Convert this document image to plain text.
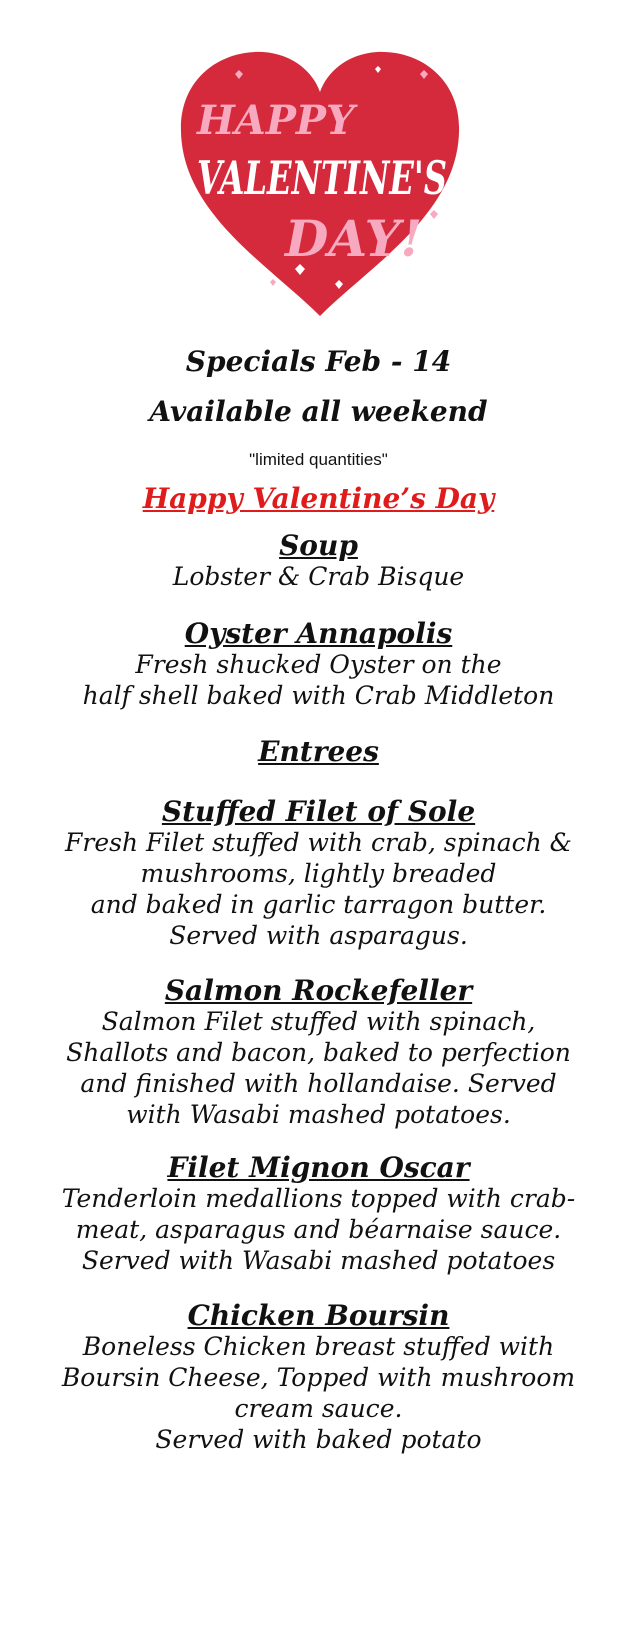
HAPPY
VALENTINE'S
DAY!
Specials Feb - 14
Available all weekend
"limited quantities"
Happy Valentine’s Day
Soup
Lobster & Crab Bisque
Oyster Annapolis
Fresh shucked Oyster on the
half shell baked with Crab Middleton
Entrees
Stuffed Filet of Sole
Fresh Filet stuffed with crab, spinach &
mushrooms, lightly breaded
and baked in garlic tarragon butter.
Served with asparagus.
Salmon Rockefeller
Salmon Filet stuffed with spinach,
Shallots and bacon, baked to perfection
and finished with hollandaise. Served
with Wasabi mashed potatoes.
Filet Mignon Oscar
Tenderloin medallions topped with crab-
meat, asparagus and béarnaise sauce.
Served with Wasabi mashed potatoes
Chicken Boursin
Boneless Chicken breast stuffed with
Boursin Cheese, Topped with mushroom
cream sauce.
Served with baked potato
